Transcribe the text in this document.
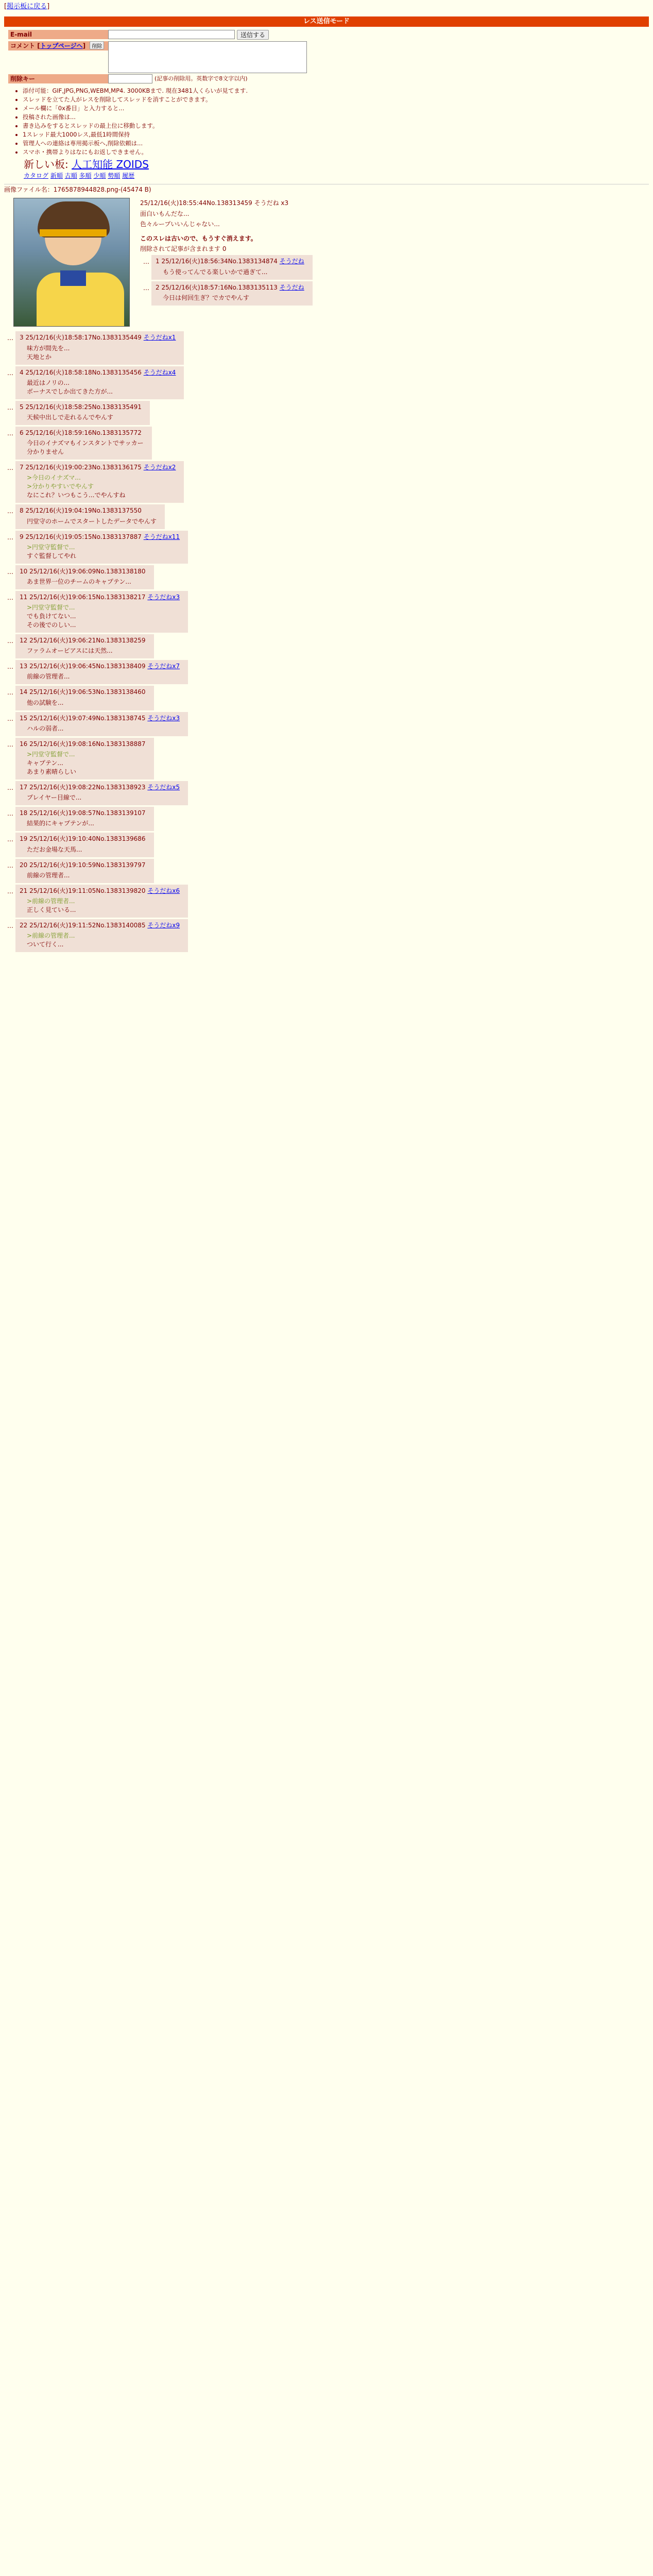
[掲示板に戻る]
レス送信モード
E-mail	送信する
コメント [トップページへ] 削除
削除キー	(記事の削除用。英数字で8文字以内)
• 添付可能：GIF,JPG,PNG,WEBM,MP4. 3000KBまで. 現在3481人くらいが見てます.
• スレッドを立てた人がレスを削除してスレッドを消すことができます。
• メール欄に「0x番目」と入力すると...
• 投稿された画像は...
• 書き込みをするとスレッドの最上位に移動します。
• 1スレッド最大1000レス,最低1時間保持
• 管理人への連絡は専用掲示板へ,削除依頼は...
• スマホ・携帯よりはなにもお返しできません。
新しい板: 人工知能 ZOIDS
カタログ 新順 古順 多順 少順 勢順 履歴
画像ファイル名：1765878944828.png-(45474 B)
25/12/16(火)18:55:44No.138313459 そうだね x3
面白いもんだな...
色々ループいいんじゃない...
このスレは古いので、もうすぐ消えます。
削除されて記事が含まれます 0
…	1 25/12/16(火)18:56:34No.1383134874 そうだね
もう使ってんでる楽しいかで過ぎて...
…	2 25/12/16(火)18:57:16No.1383135113 そうだね
今日は何回生ぎ？でカでやんす
…	3 25/12/16(火)18:58:17No.1383135449 そうだねx1
味方が間先を...
天地とか
…	4 25/12/16(火)18:58:18No.1383135456 そうだねx4
最近はノリの...
ボーナスでしか出てきた方が...
…	5 25/12/16(火)18:58:25No.1383135491
天候中出しで走れるんでやんす
…	6 25/12/16(火)18:59:16No.1383135772
今日のイナズマもインスタントでサッカー
分かりません
…	7 25/12/16(火)19:00:23No.1383136175 そうだねx2
>今日のイナズマ...
>分かりやすいでやんす
なにこれ？いつもこう...でやんすね
…	8 25/12/16(火)19:04:19No.1383137550
円堂守のホームでスタートしたデータでやんす
…	9 25/12/16(火)19:05:15No.1383137887 そうだねx11
>円堂守監督で...
すぐ監督してやれ
…	10 25/12/16(火)19:06:09No.1383138180
あま世界一位のチームのキャプテン...
…	11 25/12/16(火)19:06:15No.1383138217 そうだねx3
>円堂守監督で...
でも負けてない...
その後でのしい...
…	12 25/12/16(火)19:06:21No.1383138259
ファラムオービアスには天然...
…	13 25/12/16(火)19:06:45No.1383138409 そうだねx7
前線の管理者...
…	14 25/12/16(火)19:06:53No.1383138460
他の試験を...
…	15 25/12/16(火)19:07:49No.1383138745 そうだねx3
ハルの弱者...
…	16 25/12/16(火)19:08:16No.1383138887
>円堂守監督で...
キャプテン...
あまり素晴らしい
…	17 25/12/16(火)19:08:22No.1383138923 そうだねx5
プレイヤー目線で...
…	18 25/12/16(火)19:08:57No.1383139107
結果的にキャプテンが...
…	19 25/12/16(火)19:10:40No.1383139686
ただお金場な天馬...
…	20 25/12/16(火)19:10:59No.1383139797
前線の管理者...
…	21 25/12/16(火)19:11:05No.1383139820 そうだねx6
>前線の管理者...
正しく見ている...
…	22 25/12/16(火)19:11:52No.1383140085 そうだねx9
>前線の管理者...
ついて行く...
